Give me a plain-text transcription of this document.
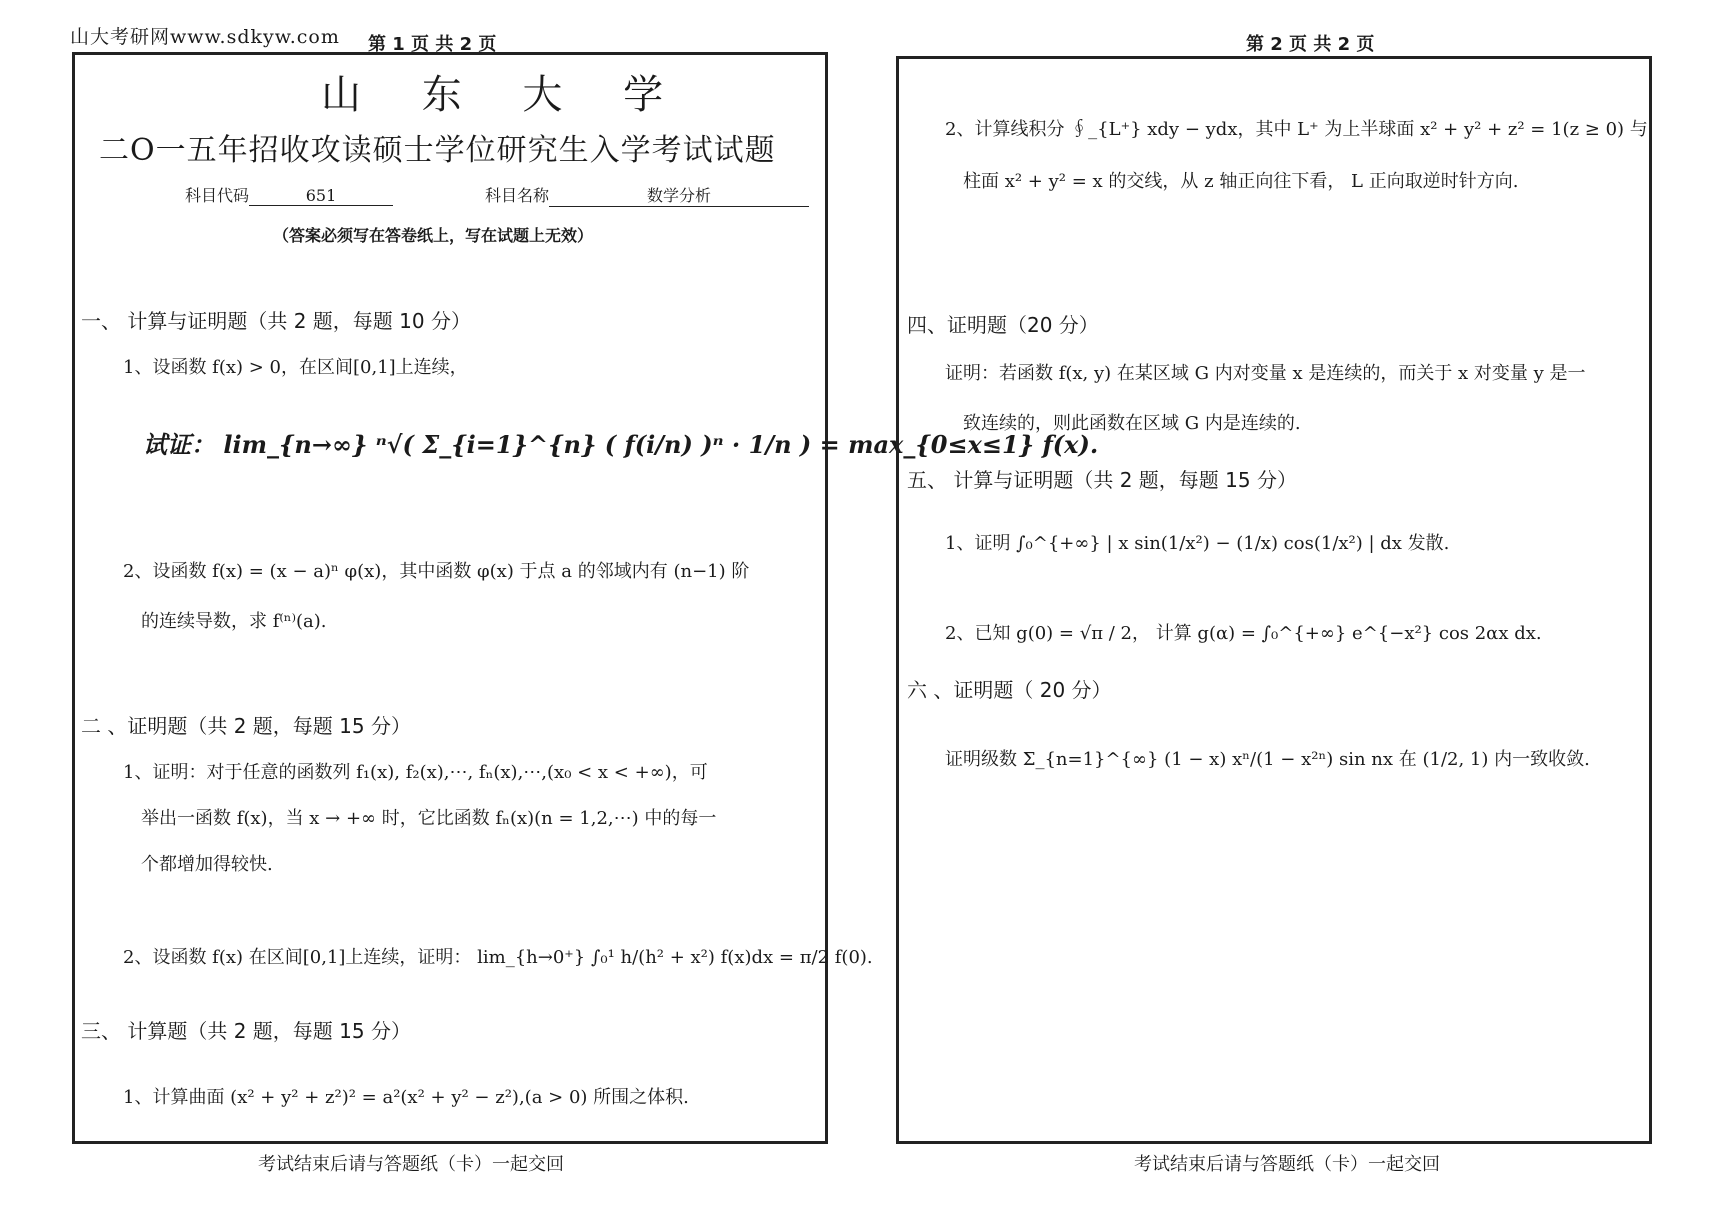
山大考研网www.sdkyw.com 第 1 页 共 2 页
山 东 大 学
二O一五年招收攻读硕士学位研究生入学考试试题
科目代码	651	科目名称	数学分析
（答案必须写在答卷纸上，写在试题上无效）
一、 计算与证明题（共 2 题，每题 10 分）
1、设函数 f(x) > 0，在区间[0,1]上连续，
试证： lim_{n→∞} ⁿ√( Σ_{i=1}^{n} ( f(i/n) )ⁿ · 1/n ) = max_{0≤x≤1} f(x).
2、设函数 f(x) = (x − a)ⁿ φ(x)，其中函数 φ(x) 于点 a 的邻域内有 (n−1) 阶
的连续导数，求 f⁽ⁿ⁾(a).
二 、证明题（共 2 题，每题 15 分）
1、证明：对于任意的函数列 f₁(x), f₂(x),⋯, fₙ(x),⋯,(x₀ < x < +∞)，可
举出一函数 f(x)，当 x → +∞ 时，它比函数 fₙ(x)(n = 1,2,⋯) 中的每一
个都增加得较快.
2、设函数 f(x) 在区间[0,1]上连续，证明： lim_{h→0⁺} ∫₀¹ h/(h² + x²) f(x)dx = π/2 f(0).
三、 计算题（共 2 题，每题 15 分）
1、计算曲面 (x² + y² + z²)² = a²(x² + y² − z²),(a > 0) 所围之体积.
考试结束后请与答题纸（卡）一起交回
第 2 页 共 2 页
2、计算线积分 ∮_{L⁺} xdy − ydx，其中 L⁺ 为上半球面 x² + y² + z² = 1(z ≥ 0) 与
柱面 x² + y² = x 的交线，从 z 轴正向往下看， L 正向取逆时针方向.
四、证明题（20 分）
证明：若函数 f(x, y) 在某区域 G 内对变量 x 是连续的，而关于 x 对变量 y 是一
致连续的，则此函数在区域 G 内是连续的.
五、 计算与证明题（共 2 题，每题 15 分）
1、证明 ∫₀^{+∞} | x sin(1/x²) − (1/x) cos(1/x²) | dx 发散.
2、已知 g(0) = √π / 2， 计算 g(α) = ∫₀^{+∞} e^{−x²} cos 2αx dx.
六 、证明题（ 20 分）
证明级数 Σ_{n=1}^{∞} (1 − x) xⁿ/(1 − x²ⁿ) sin nx 在 (1/2, 1) 内一致收敛.
考试结束后请与答题纸（卡）一起交回
